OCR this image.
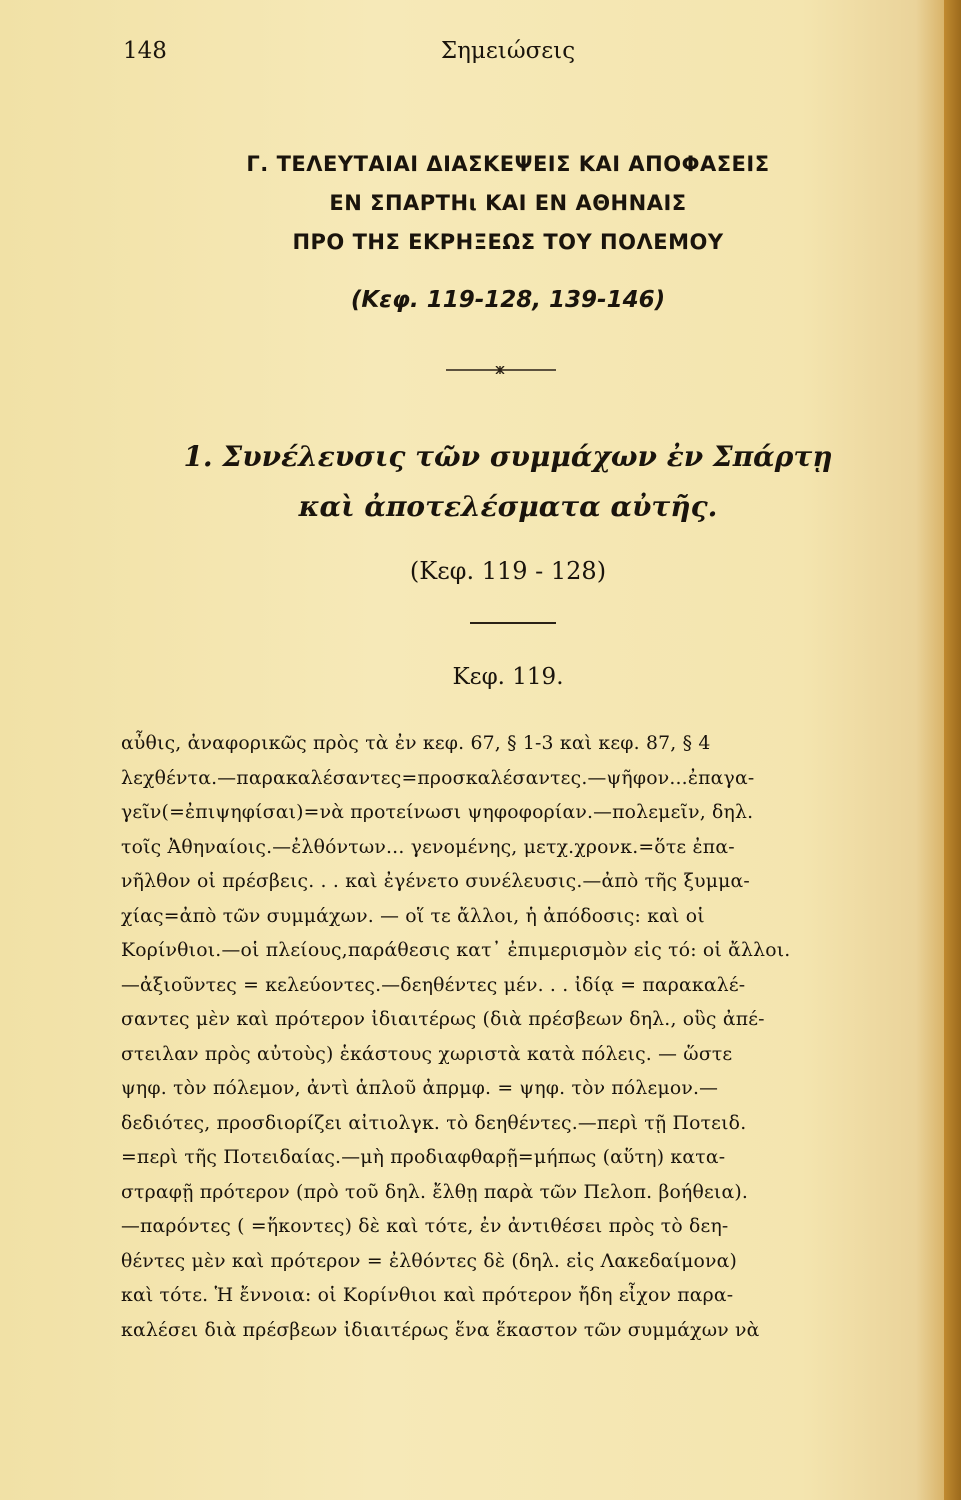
148	Σημειώσεις
Γ. ΤΕΛΕΥΤΑΙΑΙ ΔΙΑΣΚΕΨΕΙΣ ΚΑΙ ΑΠΟΦΑΣΕΙΣ
ΕΝ ΣΠΑΡΤΗι ΚΑΙ ΕΝ ΑΘΗΝΑΙΣ
ΠΡΟ ΤΗΣ ΕΚΡΗΞΕΩΣ ΤΟΥ ΠΟΛΕΜΟΥ
(Κεφ. 119-128, 139-146)
1. Συνέλευσις τῶν συμμάχων ἐν Σπάρτῃ
καὶ ἀποτελέσματα αὐτῆς.
(Κεφ. 119 - 128)
Κεφ. 119.
αὖθις, ἀναφορικῶς πρὸς τὰ ἐν κεφ. 67, § 1-3 καὶ κεφ. 87, § 4
λεχθέντα.—παρακαλέσαντες=προσκαλέσαντες.—ψῆφον...ἐπαγα-
γεῖν(=ἐπιψηφίσαι)=νὰ προτείνωσι ψηφοφορίαν.—πολεμεῖν, δηλ.
τοῖς Ἀθηναίοις.—ἐλθόντων... γενομένης, μετχ.χρονκ.=ὅτε ἐπα-
νῆλθον οἱ πρέσβεις. . . καὶ ἐγένετο συνέλευσις.—ἀπὸ τῆς ξυμμα-
χίας=ἀπὸ τῶν συμμάχων. — οἵ τε ἄλλοι, ἡ ἀπόδοσις: καὶ οἱ
Κορίνθιοι.—οἱ πλείους,παράθεσις κατ᾽ ἐπιμερισμὸν εἰς τό: οἱ ἄλλοι.
—ἀξιοῦντες = κελεύοντες.—δεηθέντες μέν. . . ἰδίᾳ = παρακαλέ-
σαντες μὲν καὶ πρότερον ἰδιαιτέρως (διὰ πρέσβεων δηλ., οὓς ἀπέ-
στειλαν πρὸς αὐτοὺς) ἑκάστους χωριστὰ κατὰ πόλεις. — ὥστε
ψηφ. τὸν πόλεμον, ἀντὶ ἁπλοῦ ἀπρμφ. = ψηφ. τὸν πόλεμον.—
δεδιότες, προσδιορίζει αἰτιολγκ. τὸ δεηθέντες.—περὶ τῇ Ποτειδ.
=περὶ τῆς Ποτειδαίας.—μὴ προδιαφθαρῇ=μήπως (αὕτη) κατα-
στραφῇ πρότερον (πρὸ τοῦ δηλ. ἔλθῃ παρὰ τῶν Πελοπ. βοήθεια).
—παρόντες ( =ἥκοντες) δὲ καὶ τότε, ἐν ἀντιθέσει πρὸς τὸ δεη-
θέντες μὲν καὶ πρότερον = ἐλθόντες δὲ (δηλ. εἰς Λακεδαίμονα)
καὶ τότε. Ἡ ἔννοια: οἱ Κορίνθιοι καὶ πρότερον ἤδη εἶχον παρα-
καλέσει διὰ πρέσβεων ἰδιαιτέρως ἕνα ἕκαστον τῶν συμμάχων νὰ
